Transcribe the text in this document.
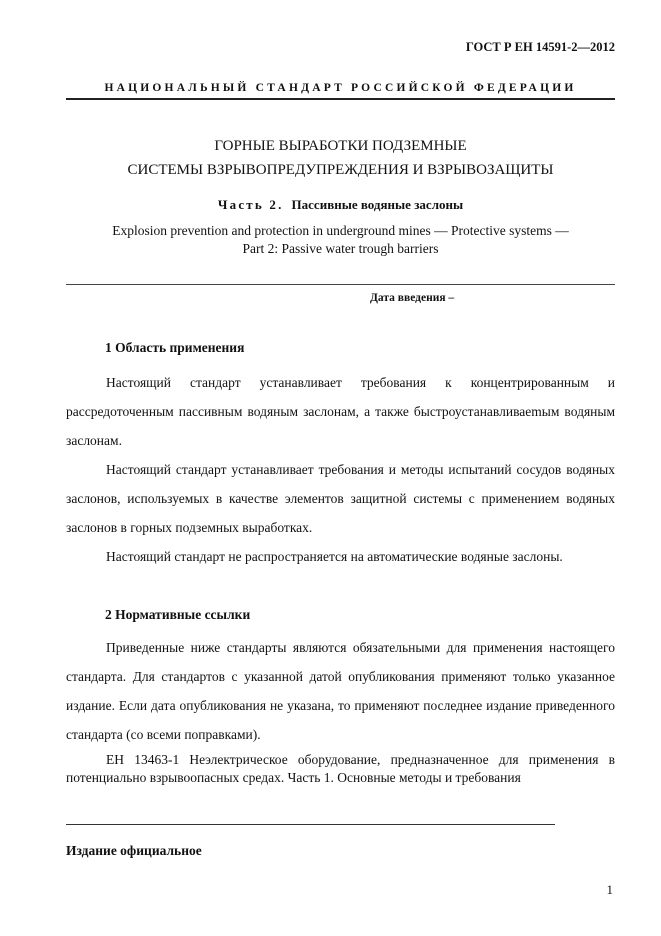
ГОСТ Р ЕН 14591-2—2012
НАЦИОНАЛЬНЫЙ СТАНДАРТ РОССИЙСКОЙ ФЕДЕРАЦИИ
ГОРНЫЕ ВЫРАБОТКИ ПОДЗЕМНЫЕ
СИСТЕМЫ ВЗРЫВОПРЕДУПРЕЖДЕНИЯ И ВЗРЫВОЗАЩИТЫ
Часть 2. Пассивные водяные заслоны
Explosion prevention and protection in underground mines — Protective systems —
Part 2: Passive water trough barriers
Дата введения –
1 Область применения
Настоящий стандарт устанавливает требования к концентрированным и рассредоточенным пассивным водяным заслонам, а также быстроустанавливаеmым водяным заслонам.
Настоящий стандарт устанавливает требования и методы испытаний сосудов водяных заслонов, используемых в качестве элементов защитной системы с применением водяных заслонов в горных подземных выработках.
Настоящий стандарт не распространяется на автоматические водяные заслоны.
2 Нормативные ссылки
Приведенные ниже стандарты являются обязательными для применения настоящего стандарта. Для стандартов с указанной датой опубликования применяют только указанное издание. Если дата опубликования не указана, то применяют последнее издание приведенного стандарта (со всеми поправками).
ЕН 13463-1 Неэлектрическое оборудование, предназначенное для применения в потенциально взрывоопасных средах. Часть 1. Основные методы и требования
Издание официальное
1
